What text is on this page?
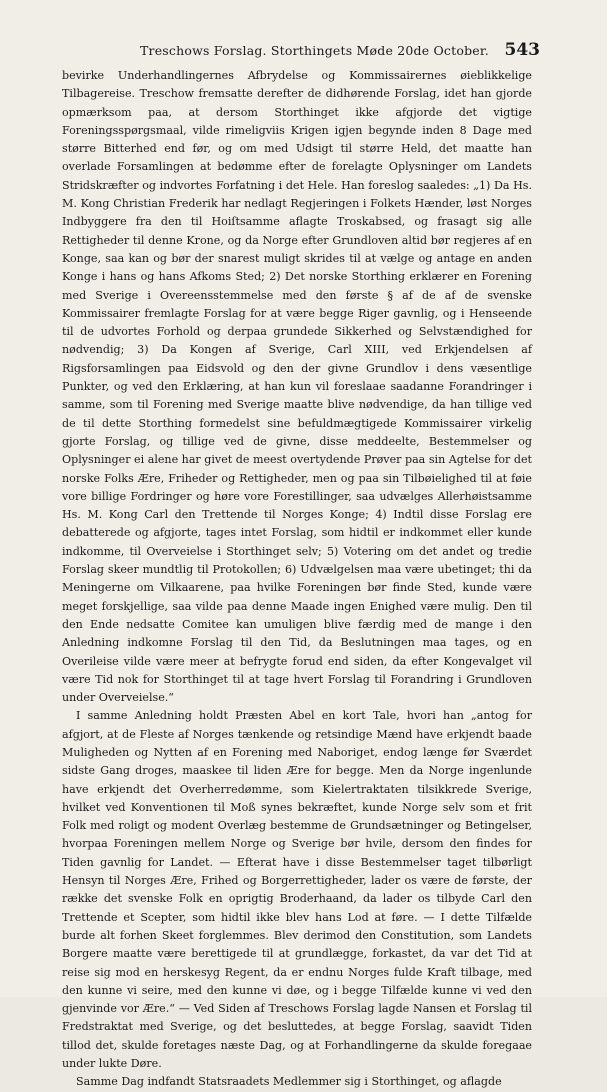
Treschows Forslag. Storthingets Møde 20de October. 543

bevirke Underhandlingernes Afbrydelse og Kommissairernes øieblikkelige Tilbagereise. Treschow fremsatte derefter de didhørende Forslag, idet han gjorde opmærksom paa, at dersom Storthinget ikke afgjorde det vigtige Foreningsspørgsmaal, vilde rimeligviis Krigen igjen begynde inden 8 Dage med større Bitterhed end før, og om med Udsigt til større Held, det maatte han overlade Forsamlingen at bedømme efter de forelagte Oplysninger om Landets Stridskræfter og indvortes Forfatning i det Hele. Han foreslog saaledes: „1) Da Hs. M. Kong Christian Frederik har nedlagt Regjeringen i Folkets Hænder, løst Norges Indbyggere fra den til Hoiſtsamme aflagte Troskabsed, og frasagt sig alle Rettigheder til denne Krone, og da Norge efter Grundloven altid bør regjeres af en Konge, saa kan og bør der snarest muligt skrides til at vælge og antage en anden Konge i hans og hans Afkoms Sted; 2) Det norske Storthing erklærer en Forening med Sverige i Overeensstemmelse med den første § af de af de svenske Kommissairer fremlagte Forslag for at være begge Riger gavnlig, og i Henseende til de udvortes Forhold og derpaa grundede Sikkerhed og Selvstændighed for nødvendig; 3) Da Kongen af Sverige, Carl XIII, ved Erkjendelsen af Rigsforsamlingen paa Eidsvold og den der givne Grundlov i dens væsentlige Punkter, og ved den Erklæring, at han kun vil foreslaae saadanne Forandringer i samme, som til Forening med Sverige maatte blive nødvendige, da han tillige ved de til dette Storthing formedelst sine befuldmægtigede Kommissairer virkelig gjorte Forslag, og tillige ved de givne, disse meddeelte, Bestemmelser og Oplysninger ei alene har givet de meest overtydende Prøver paa sin Agtelse for det norske Folks Ære, Friheder og Rettigheder, men og paa sin Tilbøielighed til at føie vore billige Fordringer og høre vore Forestillinger, saa udvælges Allerhøistsamme Hs. M. Kong Carl den Trettende til Norges Konge; 4) Indtil disse Forslag ere debatterede og afgjorte, tages intet Forslag, som hidtil er indkommet eller kunde indkomme, til Overveielse i Storthinget selv; 5) Votering om det andet og tredie Forslag skeer mundtlig til Protokollen; 6) Udvælgelsen maa være ubetinget; thi da Meningerne om Vilkaarene, paa hvilke Foreningen bør finde Sted, kunde være meget forskjellige, saa vilde paa denne Maade ingen Enighed være mulig. Den til den Ende nedsatte Comitee kan umuligen blive færdig med de mange i den Anledning indkomne Forslag til den Tid, da Beslutningen maa tages, og en Overileise vilde være meer at befrygte forud end siden, da efter Kongevalget vil være Tid nok for Storthinget til at tage hvert Forslag til Forandring i Grundloven under Overveielse.“

I samme Anledning holdt Præsten Abel en kort Tale, hvori han „antog for afgjort, at de Fleste af Norges tænkende og retsindige Mænd have erkjendt baade Muligheden og Nytten af en Forening med Naboriget, endog længe før Sværdet sidste Gang droges, maaskee til liden Ære for begge. Men da Norge ingenlunde have erkjendt det Overherredømme, som Kielertraktaten tilsikkrede Sverige, hvilket ved Konventionen til Moß synes bekræftet, kunde Norge selv som et frit Folk med roligt og modent Overlæg bestemme de Grundsætninger og Betingelser, hvorpaa Foreningen mellem Norge og Sverige bør hvile, dersom den findes for Tiden gavnlig for Landet. — Efterat have i disse Bestemmelser taget tilbørligt Hensyn til Norges Ære, Frihed og Borgerrettigheder, lader os være de første, der række det svenske Folk en oprigtig Broderhaand, da lader os tilbyde Carl den Trettende et Scepter, som hidtil ikke blev hans Lod at føre. — I dette Tilfælde burde alt forhen Skeet forglemmes. Blev derimod den Constitution, som Landets Borgere maatte være berettigede til at grundlægge, forkastet, da var det Tid at reise sig mod en herskesyg Regent, da er endnu Norges fulde Kraft tilbage, med den kunne vi seire, med den kunne vi døe, og i begge Tilfælde kunne vi ved den gjenvinde vor Ære.“ — Ved Siden af Treschows Forslag lagde Nansen et Forslag til Fredstraktat med Sverige, og det besluttedes, at begge Forslag, saavidt Tiden tillod det, skulde foretages næste Dag, og at Forhandlingerne da skulde foregaae under lukte Døre.

Samme Dag indfandt Statsraadets Medlemmer sig i Storthinget, og aflagde
